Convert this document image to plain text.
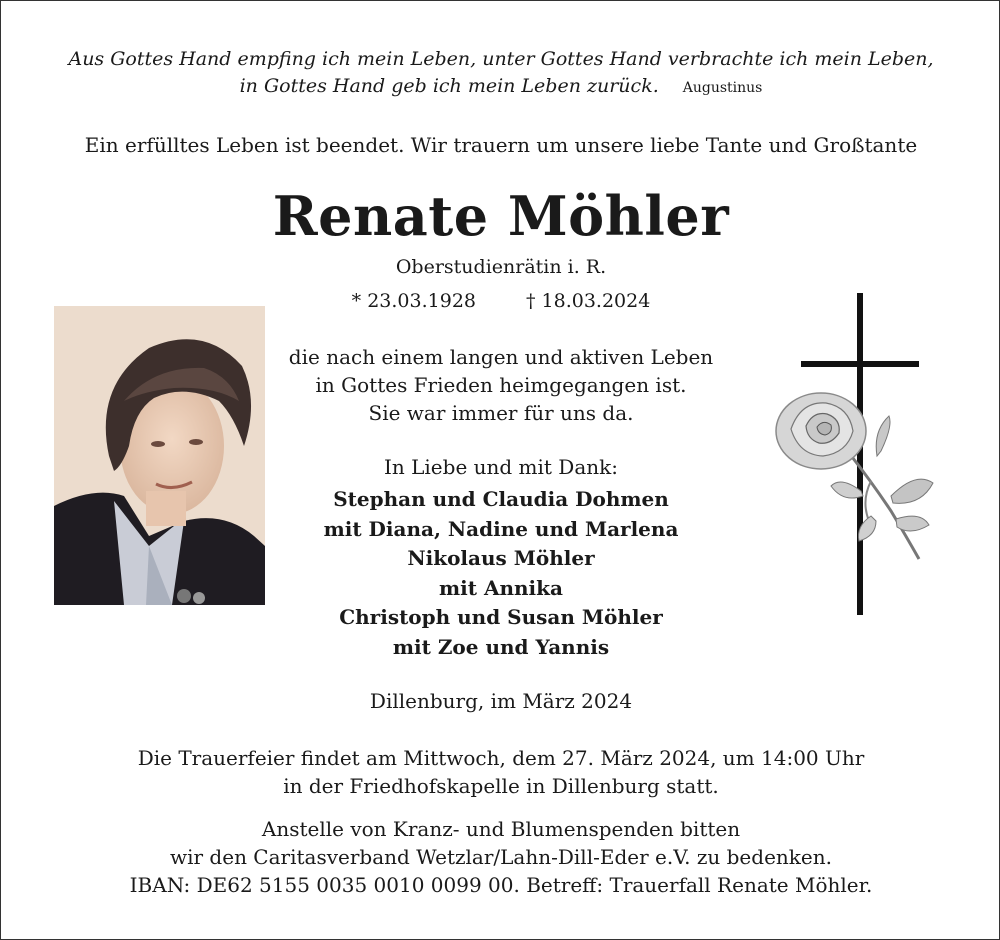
Aus Gottes Hand empfing ich mein Leben, unter Gottes Hand verbrachte ich mein Leben,
in Gottes Hand geb ich mein Leben zurück. Augustinus
Ein erfülltes Leben ist beendet. Wir trauern um unsere liebe Tante und Großtante
Renate Möhler
Oberstudienrätin i. R.
* 23.03.1928	† 18.03.2024
die nach einem langen und aktiven Leben
in Gottes Frieden heimgegangen ist.
Sie war immer für uns da.
In Liebe und mit Dank:
Stephan und Claudia Dohmen
mit Diana, Nadine und Marlena
Nikolaus Möhler
mit Annika
Christoph und Susan Möhler
mit Zoe und Yannis
Dillenburg, im März 2024
Die Trauerfeier findet am Mittwoch, dem 27. März 2024, um 14:00 Uhr
in der Friedhofskapelle in Dillenburg statt.
Anstelle von Kranz- und Blumenspenden bitten
wir den Caritasverband Wetzlar/Lahn-Dill-Eder e.V. zu bedenken.
IBAN: DE62 5155 0035 0010 0099 00. Betreff: Trauerfall Renate Möhler.
